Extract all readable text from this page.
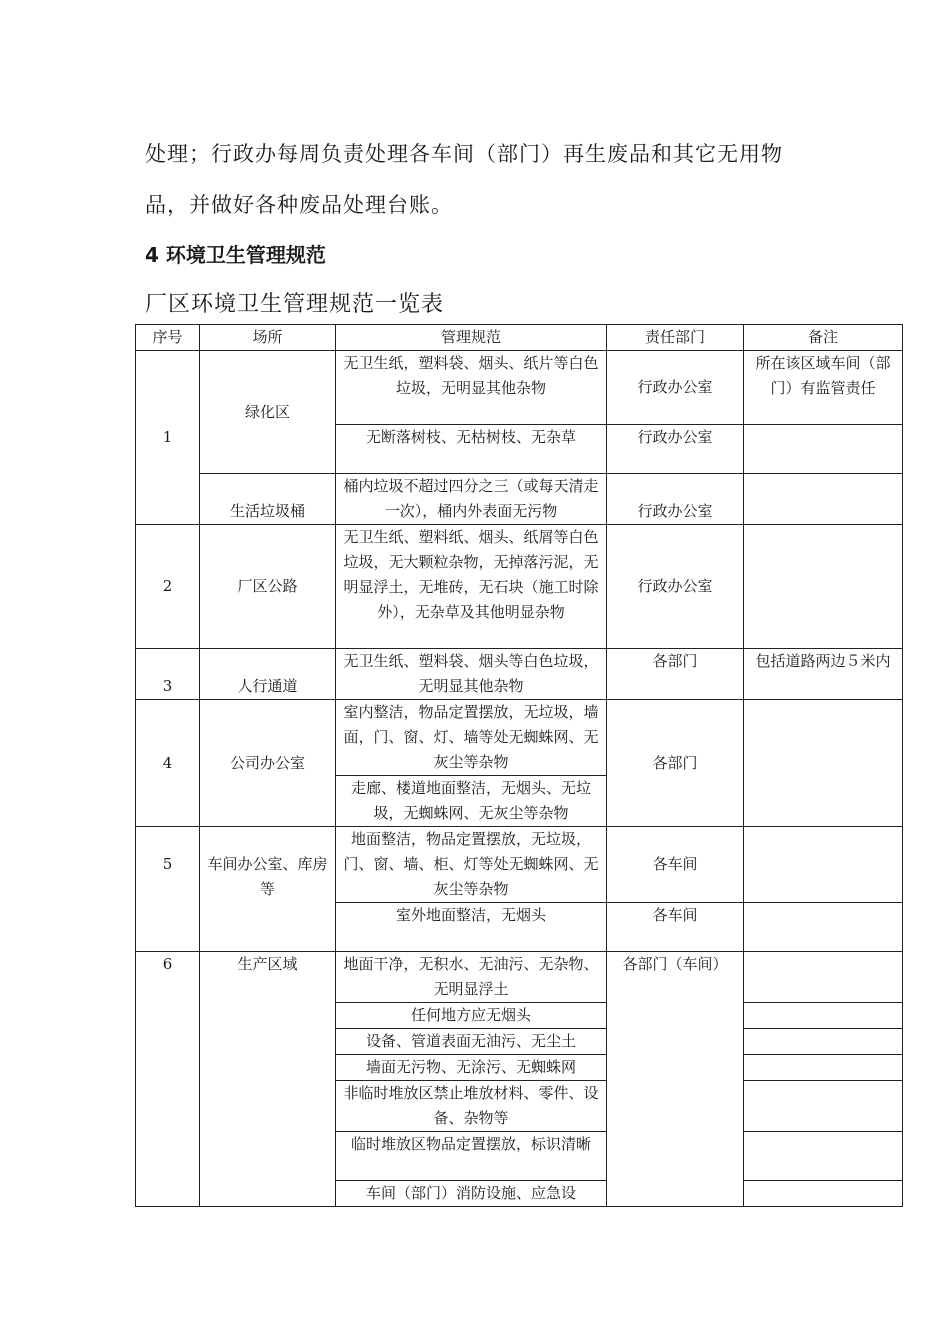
处理；行政办每周负责处理各车间（部门）再生废品和其它无用物
品，并做好各种废品处理台账。
4 环境卫生管理规范
厂区环境卫生管理规范一览表
序号	场所	管理规范	责任部门	备注
1	绿化区	无卫生纸，塑料袋、烟头、纸片等白色垃圾，无明显其他杂物	行政办公室	所在该区域车间（部门）有监管责任
		无断落树枝、无枯树枝、无杂草	行政办公室	
	生活垃圾桶	桶内垃圾不超过四分之三（或每天清走一次），桶内外表面无污物	行政办公室	
2	厂区公路	无卫生纸、塑料纸、烟头、纸屑等白色垃圾，无大颗粒杂物，无掉落污泥，无明显浮土，无堆砖，无石块（施工时除外），无杂草及其他明显杂物	行政办公室	
3	人行通道	无卫生纸、塑料袋、烟头等白色垃圾，无明显其他杂物	各部门	包括道路两边５米内
4	公司办公室	室内整洁，物品定置摆放，无垃圾，墙面，门、窗、灯、墙等处无蜘蛛网、无灰尘等杂物	各部门	
		走廊、楼道地面整洁，无烟头、无垃圾，无蜘蛛网、无灰尘等杂物		
5	车间办公室、库房等	地面整洁，物品定置摆放，无垃圾，门、窗、墙、柜、灯等处无蜘蛛网、无灰尘等杂物	各车间	
		室外地面整洁，无烟头	各车间	
6	生产区域	地面干净，无积水、无油污、无杂物、无明显浮土	各部门（车间）	
		任何地方应无烟头		
		设备、管道表面无油污、无尘土		
		墙面无污物、无涂污、无蜘蛛网		
		非临时堆放区禁止堆放材料、零件、设备、杂物等		
		临时堆放区物品定置摆放，标识清晰		
		车间（部门）消防设施、应急设		
